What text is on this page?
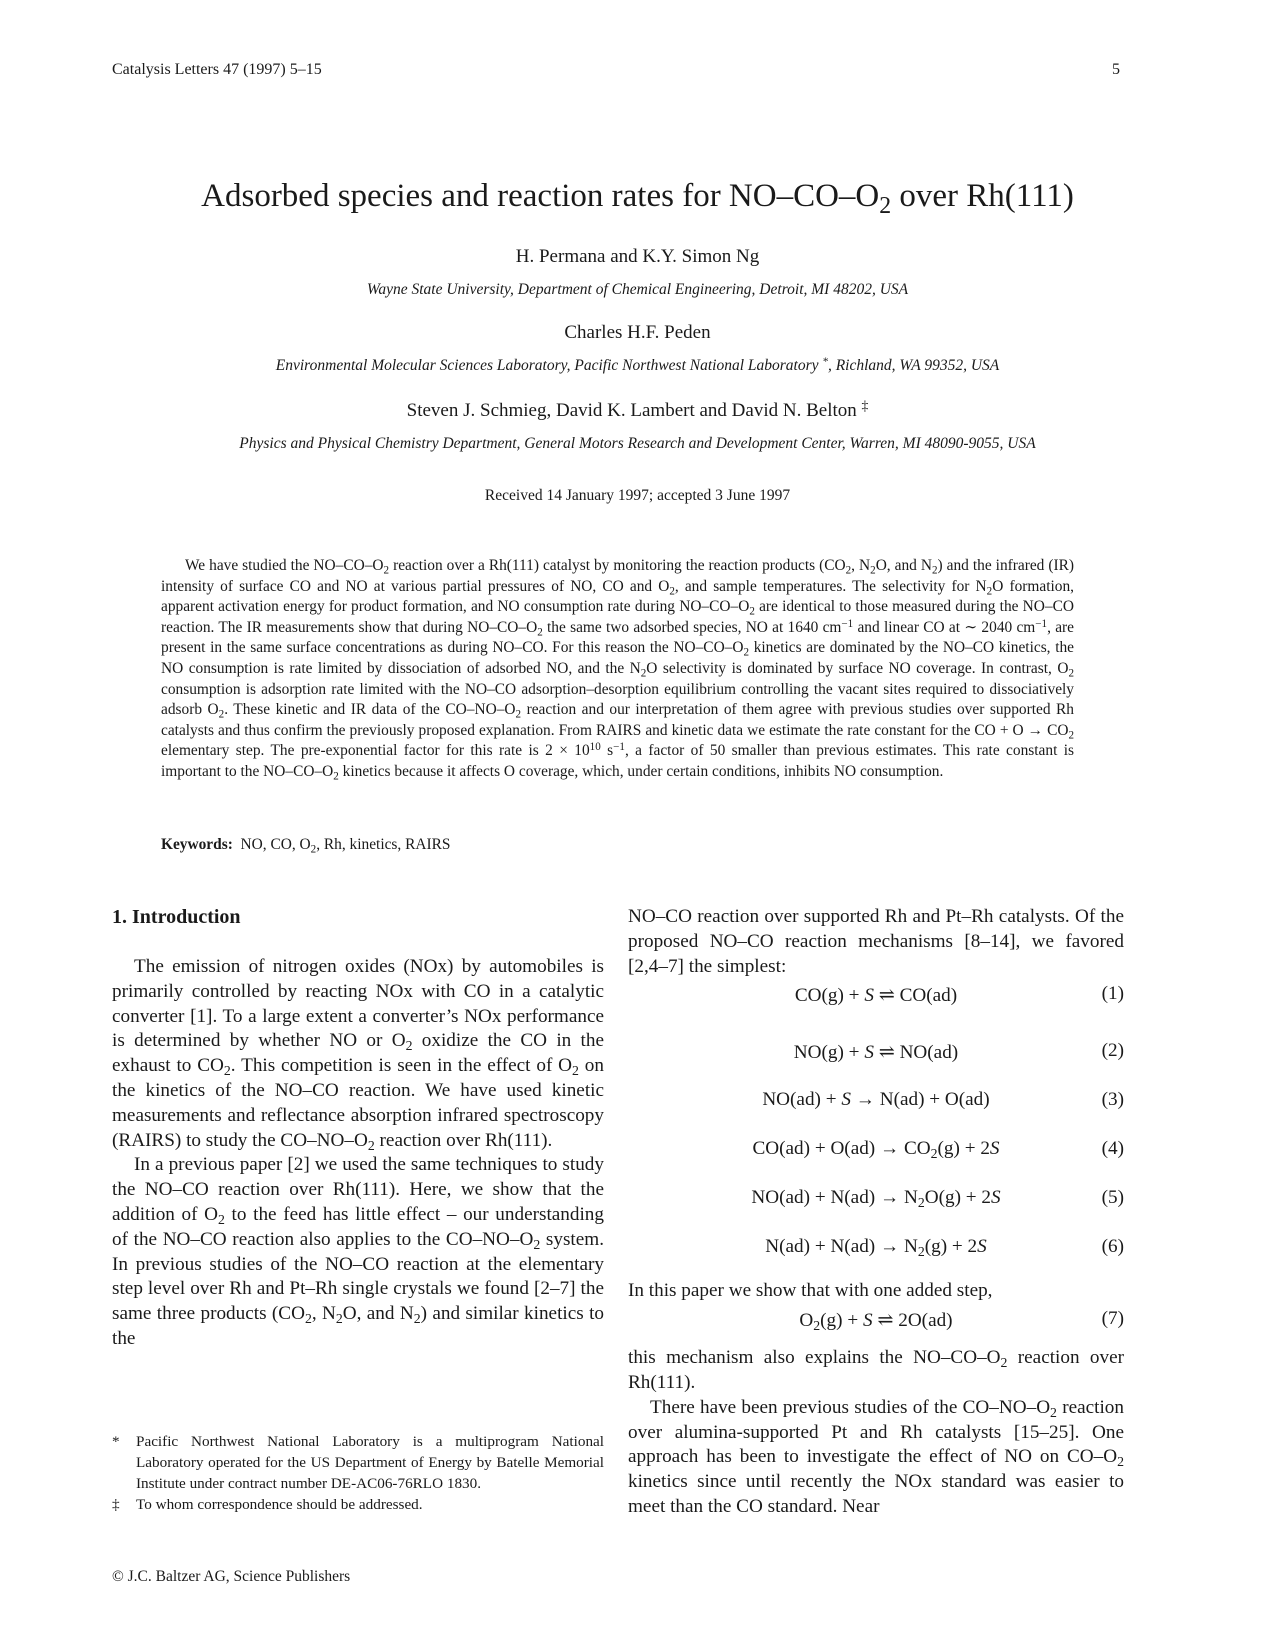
Catalysis Letters 47 (1997) 5–15	5
Adsorbed species and reaction rates for $NO-CO-O_2$ over Rh(111)
H. Permana and K.Y. Simon Ng
Wayne State University, Department of Chemical Engineering, Detroit, MI 48202, USA
Charles H.F. Peden
Environmental Molecular Sciences Laboratory, Pacific Northwest National Laboratory *, Richland, WA 99352, USA
Steven J. Schmieg, David K. Lambert and David N. Belton ‡
Physics and Physical Chemistry Department, General Motors Research and Development Center, Warren, MI 48090-9055, USA
Received 14 January 1997; accepted 3 June 1997

We have studied the $NO-CO-O_2$ reaction over a Rh(111) catalyst by monitoring the reaction products ($CO_2$, $N_2O$, and $N_2$) and the infrared (IR) intensity of surface CO and NO at various partial pressures of NO, CO and $O_2$, and sample temperatures. The selectivity for $N_2O$ formation, apparent activation energy for product formation, and NO consumption rate during $NO-CO-O_2$ are identical to those measured during the NO–CO reaction. The IR measurements show that during $NO-CO-O_2$ the same two adsorbed species, NO at 1640 $cm^{-1}$ and linear CO at ∼ 2040 $cm^{-1}$, are present in the same surface concentrations as during NO–CO. For this reason the $NO-CO-O_2$ kinetics are dominated by the NO–CO kinetics, the NO consumption is rate limited by dissociation of adsorbed NO, and the $N_2O$ selectivity is dominated by surface NO coverage. In contrast, $O_2$ consumption is adsorption rate limited with the NO–CO adsorption–desorption equilibrium controlling the vacant sites required to dissociatively adsorb $O_2$. These kinetic and IR data of the $CO-NO-O_2$ reaction and our interpretation of them agree with previous studies over supported Rh catalysts and thus confirm the previously proposed explanation. From RAIRS and kinetic data we estimate the rate constant for the CO + $O \to CO_2$ elementary step. The pre-exponential factor for this rate is $2 \times 10^{10}$ $s^{-1}$, a factor of 50 smaller than previous estimates. This rate constant is important to the $NO-CO-O_2$ kinetics because it affects O coverage, which, under certain conditions, inhibits NO consumption.

Keywords: NO, CO, $O_2$, Rh, kinetics, RAIRS
1. Introduction

The emission of nitrogen oxides (NOx) by automobiles is primarily controlled by reacting NOx with CO in a catalytic converter [1]. To a large extent a converter’s NOx performance is determined by whether NO or $O_2$ oxidize the CO in the exhaust to $CO_2$. This competition is seen in the effect of $O_2$ on the kinetics of the NO–CO reaction. We have used kinetic measurements and reflectance absorption infrared spectroscopy (RAIRS) to study the $CO-NO-O_2$ reaction over Rh(111).

In a previous paper [2] we used the same techniques to study the NO–CO reaction over Rh(111). Here, we show that the addition of $O_2$ to the feed has little effect – our understanding of the NO–CO reaction also applies to the $CO-NO-O_2$ system. In previous studies of the NO–CO reaction at the elementary step level over Rh and Pt–Rh single crystals we found [2–7] the same three products ($CO_2$, $N_2O$, and $N_2$) and similar kinetics to the

NO–CO reaction over supported Rh and Pt–Rh catalysts. Of the proposed NO–CO reaction mechanisms [8–14], we favored [2,4–7] the simplest:

CO(g) + S ⇌ CO(ad)	(1)
NO(g) + S ⇌ NO(ad)	(2)
NO(ad) + S → N(ad) + O(ad)	(3)
$CO(ad) + O(ad) \to CO_2(g) + 2S$	(4)
$NO(ad) + N(ad) \to N_2O(g) + 2S$	(5)
$N(ad) + N(ad) \to N_2(g) + 2S$	(6)

In this paper we show that with one added step,

$O_2(g) + S$ ⇌ 2O(ad)	(7)

this mechanism also explains the $NO-CO-O_2$ reaction over Rh(111).

There have been previous studies of the $CO-NO-O_2$ reaction over alumina-supported Pt and Rh catalysts [15–25]. One approach has been to investigate the effect of NO on $CO-O_2$ kinetics since until recently the NOx standard was easier to meet than the CO standard. Near

* Pacific Northwest National Laboratory is a multiprogram National Laboratory operated for the US Department of Energy by Batelle Memorial Institute under contract number DE-AC06-76RLO 1830.
‡ To whom correspondence should be addressed.
© J.C. Baltzer AG, Science Publishers
